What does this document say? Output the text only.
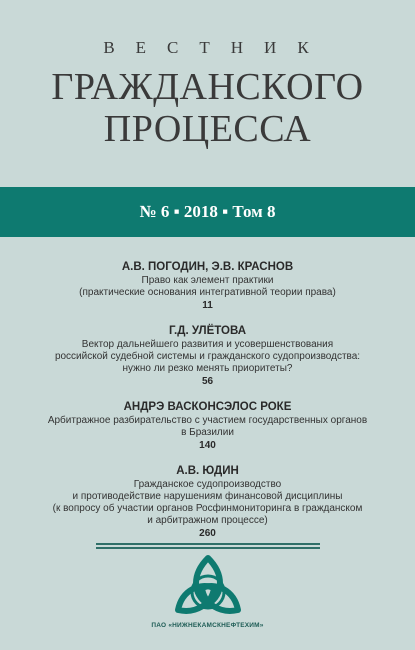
ВЕСТНИК
ГРАЖДАНСКОГО
ПРОЦЕССА
№ 6 ▪ 2018 ▪ Том 8
А.В. ПОГОДИН, Э.В. КРАСНОВ
Право как элемент практики
(практические основания интегративной теории права)
11
Г.Д. УЛЁТОВА
Вектор дальнейшего развития и усовершенствования
российской судебной системы и гражданского судопроизводства:
нужно ли резко менять приоритеты?
56
АНДРЭ ВАСКОНСЭЛОС РОКЕ
Арбитражное разбирательство с участием государственных органов
в Бразилии
140
А.В. ЮДИН
Гражданское судопроизводство
и противодействие нарушениям финансовой дисциплины
(к вопросу об участии органов Росфинмониторинга в гражданском
и арбитражном процессе)
260
ПАО «НИЖНЕКАМСКНЕФТЕХИМ»
